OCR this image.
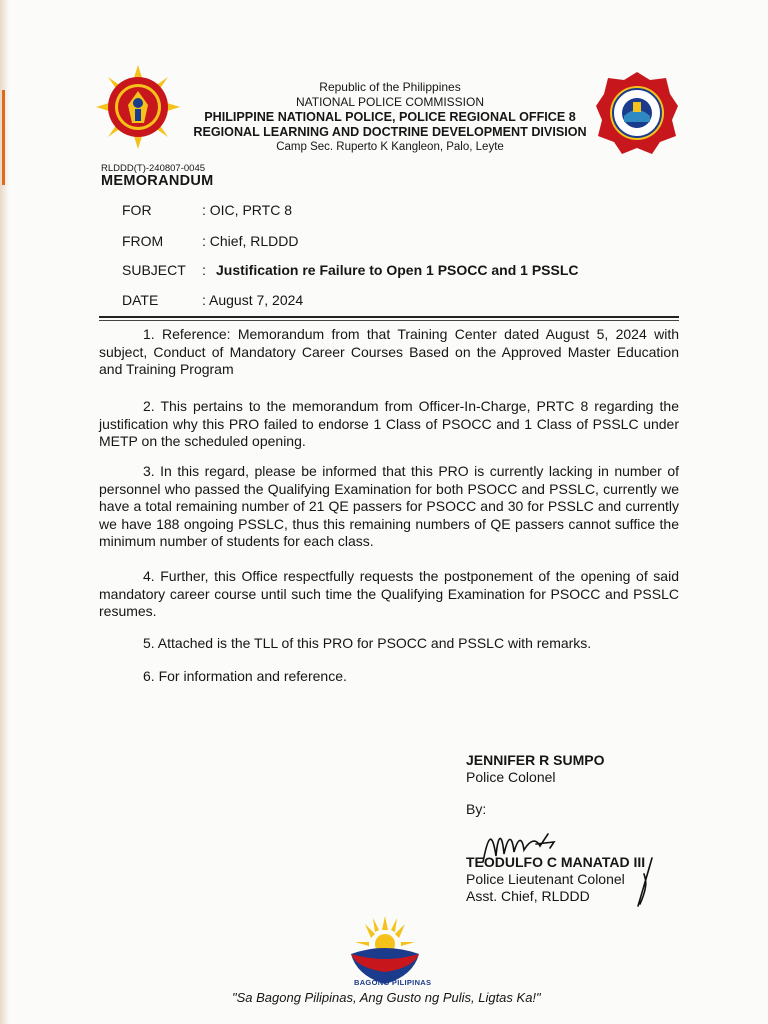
Republic of the Philippines
NATIONAL POLICE COMMISSION
PHILIPPINE NATIONAL POLICE, POLICE REGIONAL OFFICE 8
REGIONAL LEARNING AND DOCTRINE DEVELOPMENT DIVISION
Camp Sec. Ruperto K Kangleon, Palo, Leyte
RLDDD(T)-240807-0045
MEMORANDUM
FOR	: OIC, PRTC 8
FROM	: Chief, RLDDD
SUBJECT : Justification re Failure to Open 1 PSOCC and 1 PSSLC
DATE	: August 7, 2024

1. Reference: Memorandum from that Training Center dated August 5, 2024 with subject, Conduct of Mandatory Career Courses Based on the Approved Master Education and Training Program

2. This pertains to the memorandum from Officer-In-Charge, PRTC 8 regarding the justification why this PRO failed to endorse 1 Class of PSOCC and 1 Class of PSSLC under METP on the scheduled opening.

3. In this regard, please be informed that this PRO is currently lacking in number of personnel who passed the Qualifying Examination for both PSOCC and PSSLC, currently we have a total remaining number of 21 QE passers for PSOCC and 30 for PSSLC and currently we have 188 ongoing PSSLC, thus this remaining numbers of QE passers cannot suffice the minimum number of students for each class.

4. Further, this Office respectfully requests the postponement of the opening of said mandatory career course until such time the Qualifying Examination for PSOCC and PSSLC resumes.

5. Attached is the TLL of this PRO for PSOCC and PSSLC with remarks.

6. For information and reference.

JENNIFER R SUMPO
Police Colonel
By:
TEODULFO C MANATAD III
Police Lieutenant Colonel
Asst. Chief, RLDDD
BAGONG PILIPINAS
"Sa Bagong Pilipinas, Ang Gusto ng Pulis, Ligtas Ka!"
